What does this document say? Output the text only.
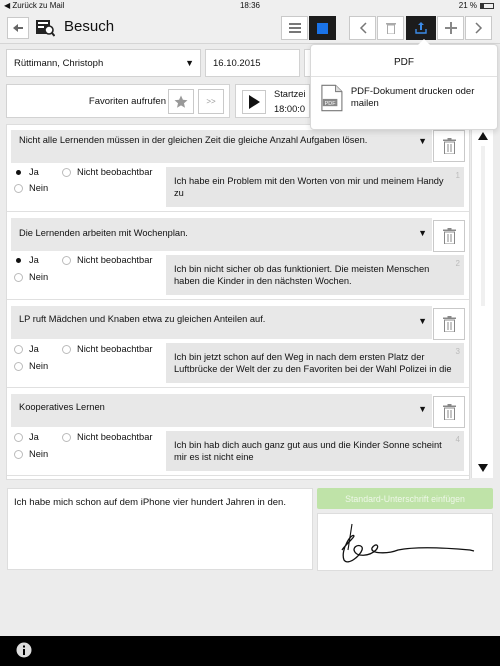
◀ Zurück zu Mail	18:36	21 %
Besuch
Rüttimann, Christoph	▼ 16.10.2015
Favoriten aufrufen	>>
Startzei
18:00:0
Nicht alle Lernenden müssen in der gleichen Zeit die gleiche Anzahl Aufgaben lösen.	▼
Ja	Nicht beobachtbar
Nein
Ich habe ein Problem mit den Worten von mir und meinem Handy zu
1
Die Lernenden arbeiten mit Wochenplan.	▼
Ja	Nicht beobachtbar
Nein
Ich bin nicht sicher ob das funktioniert. Die meisten Menschen haben die Kinder in den nächsten Wochen.
2
LP ruft Mädchen und Knaben etwa zu gleichen Anteilen auf.	▼
Ja	Nicht beobachtbar
Nein
Ich bin jetzt schon auf den Weg in nach dem ersten Platz der Luftbrücke der Welt der zu den Favoriten bei der Wahl Polizei in die
3
Kooperatives Lernen	▼
Ja	Nicht beobachtbar
Nein
Ich bin hab dich auch ganz gut aus und die Kinder Sonne scheint mir es ist nicht eine
4
PDF
PDF
PDF-Dokument drucken oder mailen
Ich habe mich schon auf dem iPhone vier hundert Jahren in den.	Standard-Unterschrift einfügen
